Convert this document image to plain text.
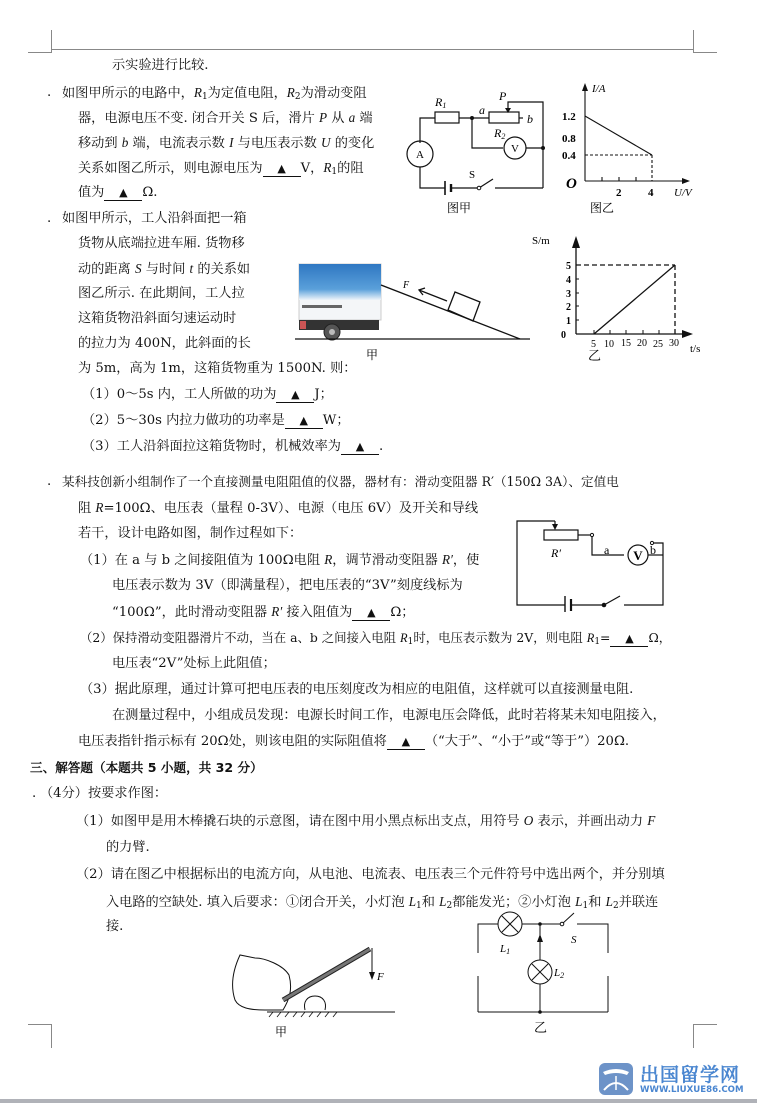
示实验进行比较.
. 如图甲所示的电路中，$R_1$为定值电阻，$R_2$为滑动变阻
器，电源电压不变. 闭合开关 S 后，滑片 P 从 a 端
移动到 b 端，电流表示数 I 与电压表示数 U 的变化
关系如图乙所示，则电源电压为 ▲ V，$R_1$的阻
值为 ▲ Ω.
R1	a
P
b
R2
V
A
S
图甲
I/A
U/V
1.2
0.8
0.4
O
2 4
图乙
. 如图甲所示，工人沿斜面把一箱
货物从底端拉进车厢. 货物移
动的距离 S 与时间 t 的关系如
图乙所示. 在此期间，工人拉
这箱货物沿斜面匀速运动时
的拉力为 400N，此斜面的长
为 5m，高为 1m，这箱货物重为 1500N. 则：
（1）0～5s 内，工人所做的功为 ▲ J；
（2）5～30s 内拉力做功的功率是 ▲ W；
（3）工人沿斜面拉这箱货物时，机械效率为 ▲ .
F
甲
S/m
t/s
0
1
2
3
4
5
5 10 15 20 25 30
乙
. 某科技创新小组制作了一个直接测量电阻阻值的仪器，器材有：滑动变阻器 R′（150Ω 3A）、定值电
阻 R=100Ω、电压表（量程 0-3V）、电源（电压 6V）及开关和导线
若干，设计电路如图，制作过程如下：
（1）在 a 与 b 之间接阻值为 100Ω电阻 R，调节滑动变阻器 R′，使
电压表示数为 3V（即满量程），把电压表的“3V”刻度线标为
“100Ω”，此时滑动变阻器 R′ 接入阻值为 ▲ Ω；
（2）保持滑动变阻器滑片不动，当在 a、b 之间接入电阻 $R_1$时，电压表示数为 2V，则电阻 $R_1=$ ▲ Ω，
电压表“2V”处标上此阻值；
（3）据此原理，通过计算可把电压表的电压刻度改为相应的电阻值，这样就可以直接测量电阻.
在测量过程中，小组成员发现：电源长时间工作，电源电压会降低，此时若将某未知电阻接入，
电压表指针指示标有 20Ω处，则该电阻的实际阻值将 ▲ （“大于”、“小于”或“等于”）20Ω.
R′	a	b
V
三、解答题（本题共 5 小题，共 32 分）
. （4分）按要求作图：
（1）如图甲是用木棒撬石块的示意图，请在图中用小黑点标出支点，用符号 O 表示，并画出动力 F
的力臂.
（2）请在图乙中根据标出的电流方向，从电池、电流表、电压表三个元件符号中选出两个，并分别填
入电路的空缺处. 填入后要求：①闭合开关，小灯泡 $L_1$和 $L_2$都能发光；②小灯泡 $L_1$和 $L_2$并联连
接.
F
甲
L1
L2
S
乙
出国留学网
WWW.LIUXUE86.COM
